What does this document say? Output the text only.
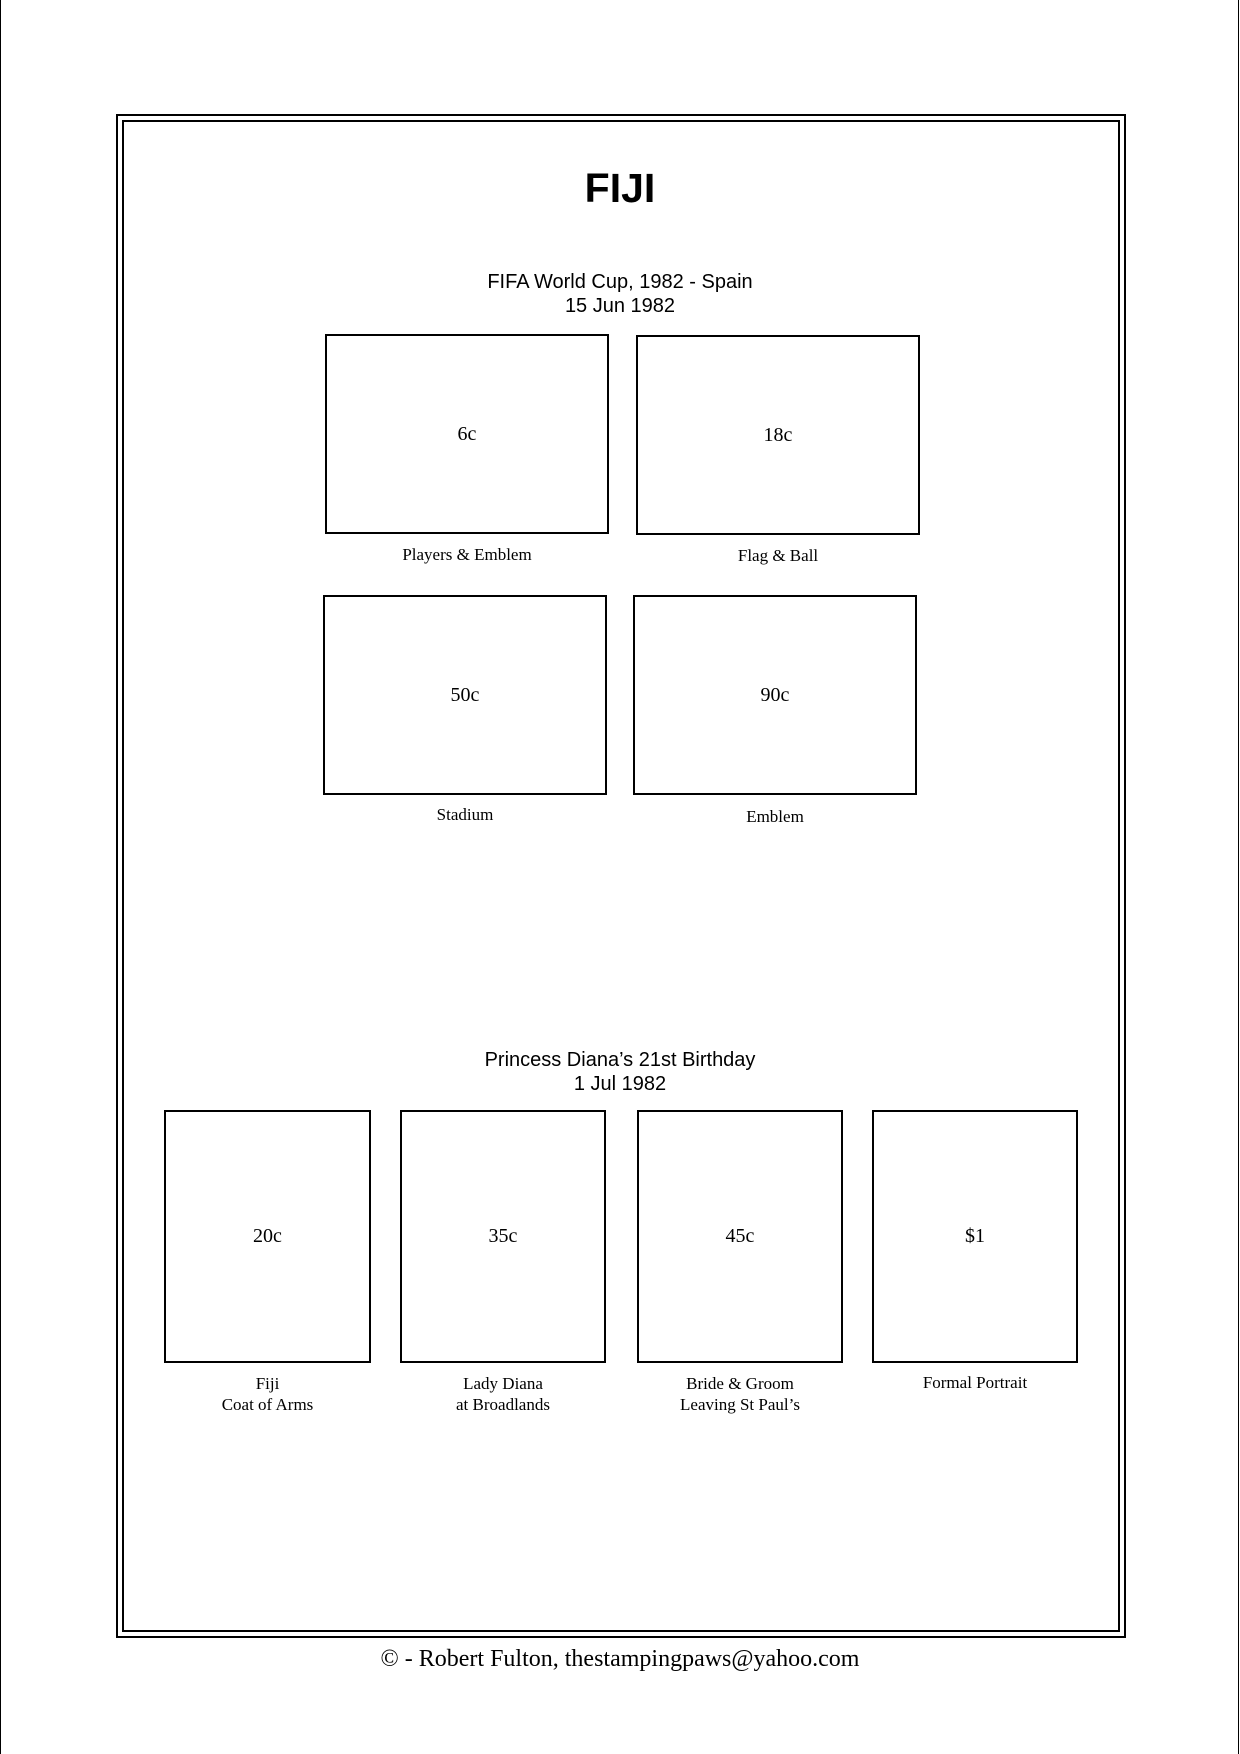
FIJI
FIFA World Cup, 1982 - Spain
15 Jun 1982
6c
Players & Emblem
18c
Flag & Ball
50c
Stadium
90c
Emblem
Princess Diana’s 21st Birthday
1 Jul 1982
20c
Fiji
Coat of Arms
35c
Lady Diana
at Broadlands
45c
Bride & Groom
Leaving St Paul’s
$1
Formal Portrait
© - Robert Fulton, thestampingpaws@yahoo.com
